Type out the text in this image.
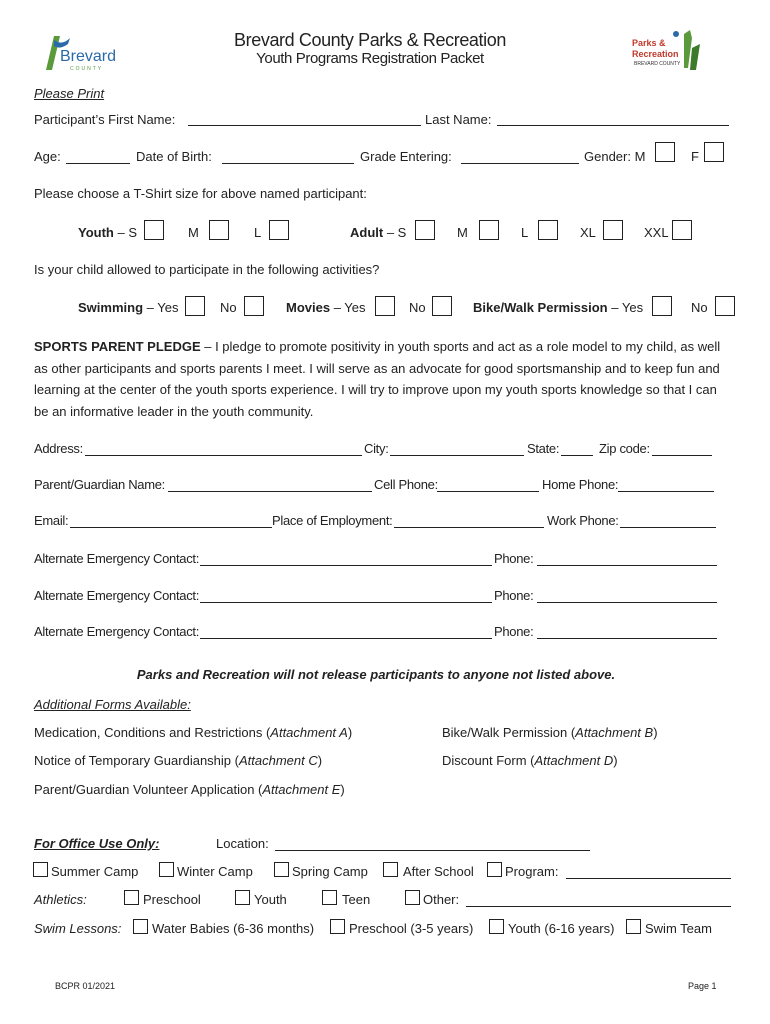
Brevard
COUNTY
Parks &
Recreation
BREVARD COUNTY
Brevard County Parks & Recreation
Youth Programs Registration Packet
Please Print
Participant’s First Name:	Last Name:
Age:	Date of Birth:	Grade Entering:	Gender: M	F
Please choose a T-Shirt size for above named participant:
Youth – S	M	L	Adult – S	M	L	XL	XXL
Is your child allowed to participate in the following activities?
Swimming – Yes	No	Movies – Yes	No	Bike/Walk Permission – Yes	No
SPORTS PARENT PLEDGE – I pledge to promote positivity in youth sports and act as a role model to my child, as well as other participants and sports parents I meet. I will serve as an advocate for good sportsmanship and to keep fun and learning at the center of the youth sports experience. I will try to improve upon my youth sports knowledge so that I can be an informative leader in the youth community.
Address:	City:	State:	Zip code:
Parent/Guardian Name:	Cell Phone:	Home Phone:
Email:	Place of Employment:	Work Phone:
Alternate Emergency Contact:	Phone:
Alternate Emergency Contact:	Phone:
Alternate Emergency Contact:	Phone:
Parks and Recreation will not release participants to anyone not listed above.
Additional Forms Available:
Medication, Conditions and Restrictions (Attachment A)	Bike/Walk Permission (Attachment B)
Notice of Temporary Guardianship (Attachment C)	Discount Form (Attachment D)
Parent/Guardian Volunteer Application (Attachment E)
For Office Use Only:	Location:
Summer Camp	Winter Camp	Spring Camp	After School Program:
Athletics:	Preschool	Youth	Teen	Other:
Swim Lessons: Water Babies (6-36 months)	Preschool (3-5 years)	Youth (6-16 years) Swim Team
BCPR 01/2021	Page 1
